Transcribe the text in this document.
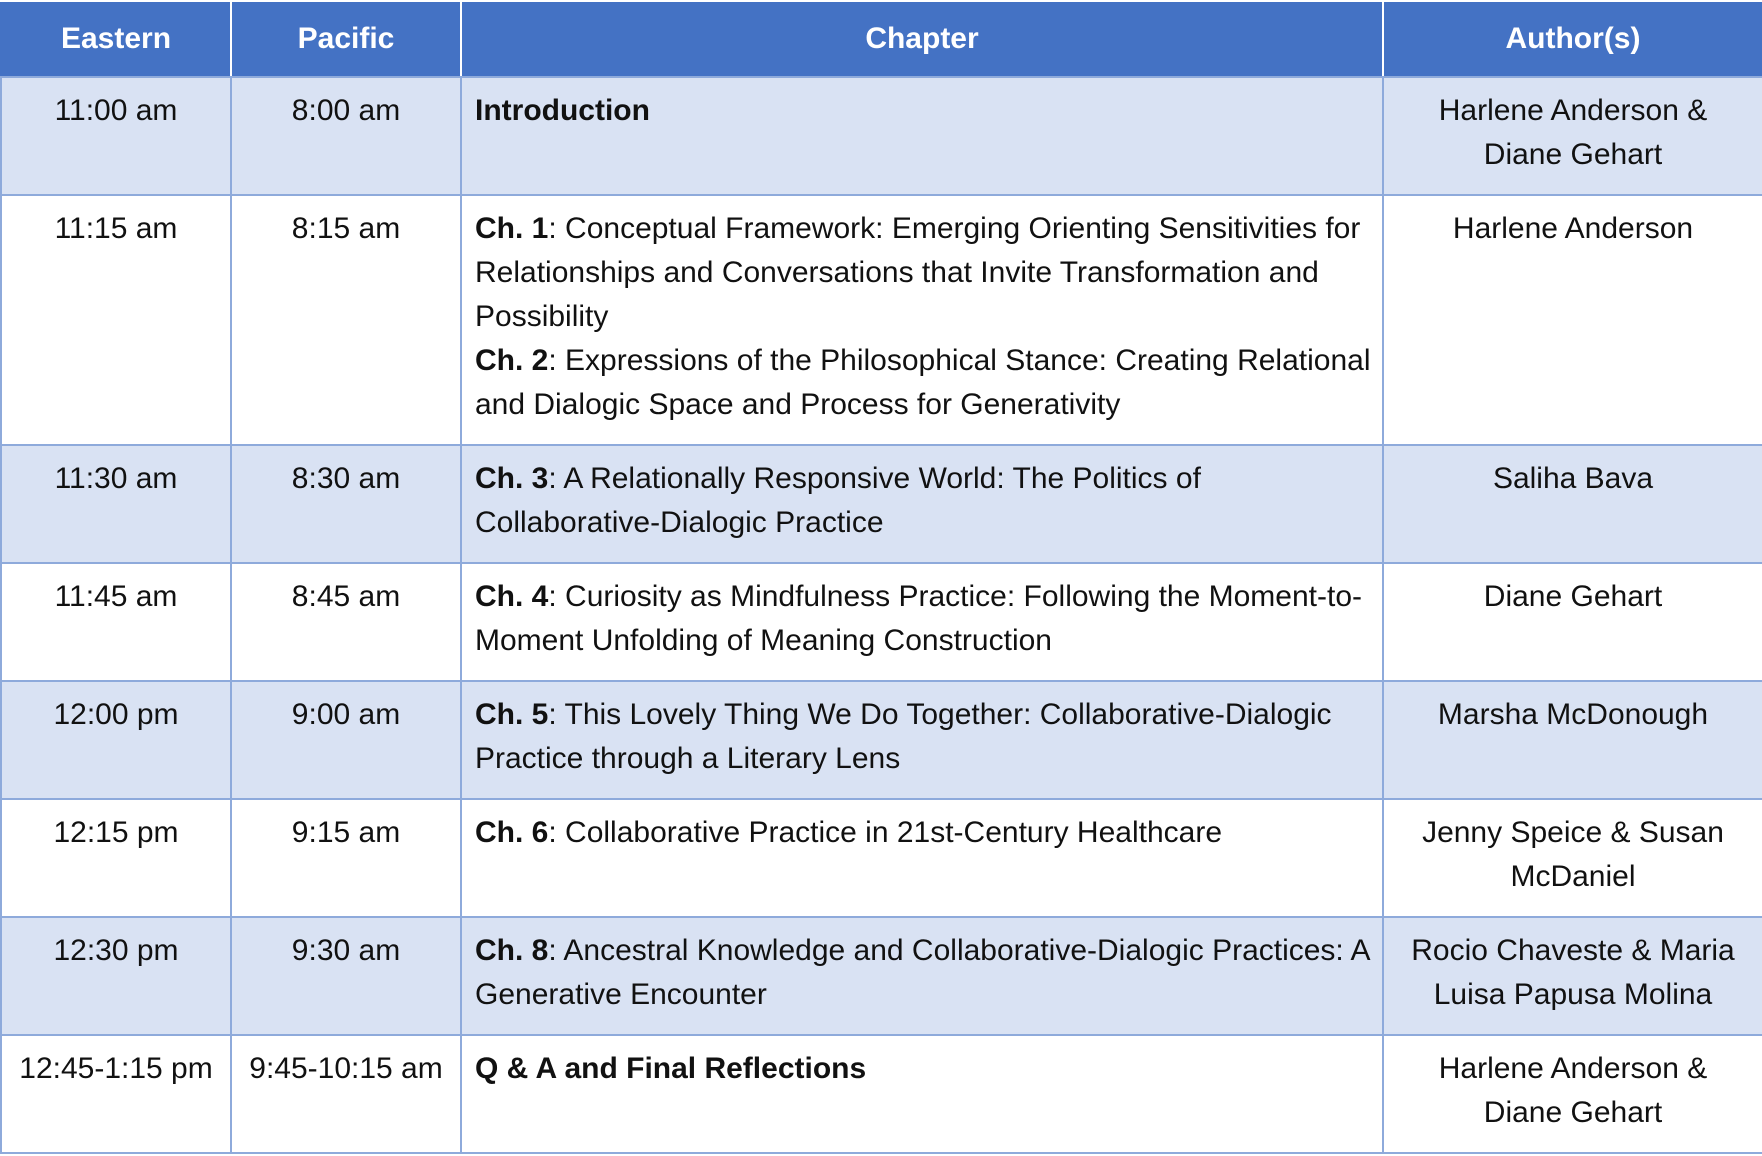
Eastern	Pacific	Chapter	Author(s)

11:00 am	8:00 am	Introduction	Harlene Anderson &
Diane Gehart

11:15 am	8:15 am	Ch. 1: Conceptual Framework: Emerging Orienting Sensitivities for Relationships and Conversations that Invite Transformation and Possibility
Ch. 2: Expressions of the Philosophical Stance: Creating Relational and Dialogic Space and Process for Generativity	Harlene Anderson

11:30 am	8:30 am	Ch. 3: A Relationally Responsive World: The Politics of Collaborative-Dialogic Practice	Saliha Bava

11:45 am	8:45 am	Ch. 4: Curiosity as Mindfulness Practice: Following the Moment-to-Moment Unfolding of Meaning Construction	Diane Gehart

12:00 pm	9:00 am	Ch. 5: This Lovely Thing We Do Together: Collaborative-Dialogic Practice through a Literary Lens	Marsha McDonough

12:15 pm	9:15 am	Ch. 6: Collaborative Practice in 21st-Century Healthcare	Jenny Speice & Susan
McDaniel

12:30 pm	9:30 am	Ch. 8: Ancestral Knowledge and Collaborative-Dialogic Practices: A Generative Encounter	Rocio Chaveste & Maria
Luisa Papusa Molina

12:45-1:15 pm	9:45-10:15 am	Q & A and Final Reflections	Harlene Anderson &
Diane Gehart
